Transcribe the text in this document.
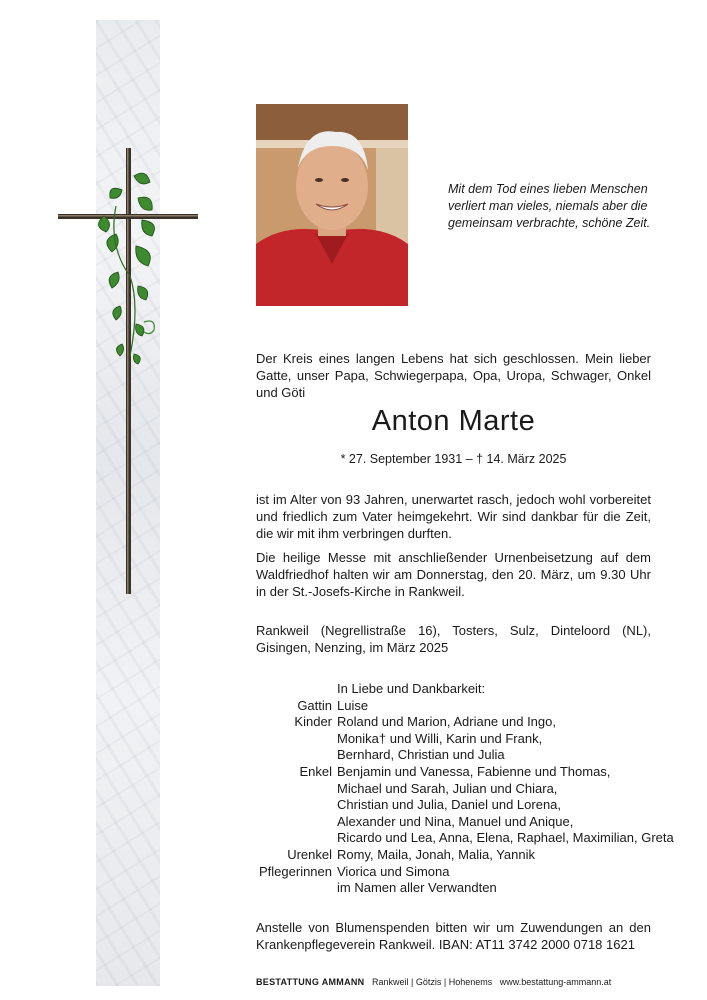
Mit dem Tod eines lieben Menschen
verliert man vieles, niemals aber die
gemeinsam verbrachte, schöne Zeit.
Der Kreis eines langen Lebens hat sich geschlossen. Mein lieber Gatte, unser Papa, Schwiegerpapa, Opa, Uropa, Schwager, Onkel und Göti
Anton Marte
* 27. September 1931 – † 14. März 2025
ist im Alter von 93 Jahren, unerwartet rasch, jedoch wohl vorbereitet und friedlich zum Vater heimgekehrt. Wir sind dankbar für die Zeit, die wir mit ihm verbringen durften.
Die heilige Messe mit anschließender Urnenbeisetzung auf dem Waldfriedhof halten wir am Donnerstag, den 20. März, um 9.30 Uhr in der St.-Josefs-Kirche in Rankweil.
Rankweil (Negrellistraße 16), Tosters, Sulz, Dinteloord (NL), Gisingen, Nenzing, im März 2025
In Liebe und Dankbarkeit:
Gattin Luise
Kinder Roland und Marion, Adriane und Ingo,
Monika† und Willi, Karin und Frank,
Bernhard, Christian und Julia
Enkel Benjamin und Vanessa, Fabienne und Thomas,
Michael und Sarah, Julian und Chiara,
Christian und Julia, Daniel und Lorena,
Alexander und Nina, Manuel und Anique,
Ricardo und Lea, Anna, Elena, Raphael, Maximilian, Greta
Urenkel Romy, Maila, Jonah, Malia, Yannik
Pflegerinnen Viorica und Simona
im Namen aller Verwandten
Anstelle von Blumenspenden bitten wir um Zuwendungen an den Krankenpflegeverein Rankweil. IBAN: AT11 3742 2000 0718 1621
BESTATTUNG AMMANN Rankweil | Götzis | Hohenems www.bestattung-ammann.at
